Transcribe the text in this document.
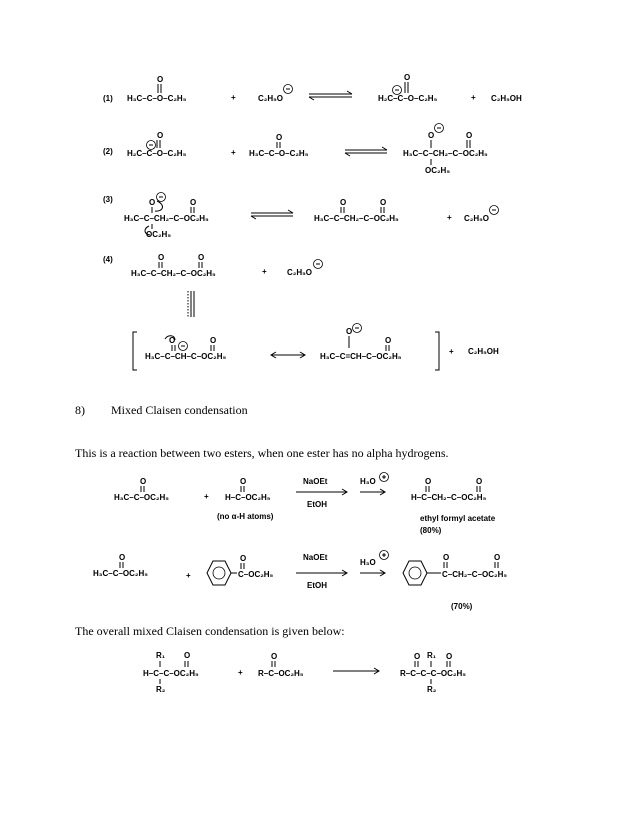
(1)
(2)
(3)
(4)
O
H₃C–C–O–C₂H₅	+	C₂H₅O
O
H₂C–C–O–C₂H₅	+ C₂H₅OH
O
H₂C–C–O–C₂H₅	+
O
H₃C–C–O–C₂H₅
O	O
H₃C–C–CH₂–C–OC₂H₅
OC₂H₅
O	O
H₃C–C–CH₂–C–OC₂H₅
OC₂H₅
O	O
H₃C–C–CH₂–C–OC₂H₅	+ C₂H₅O
O	O
H₃C–C–CH₂–C–OC₂H₅	+	C₂H₅O
O	O
H₃C–C–CH–C–OC₂H₅
O
O
H₃C–C=CH–C–OC₂H₅
+ C₂H₅OH
O
H₃C–C–OC₂H₅	+
O
H–C–OC₂H₅
(no α-H atoms)
NaOEt
EtOH
H₃O	O	O
H–C–CH₂–C–OC₂H₅
ethyl formyl acetate
(80%)
O
H₃C–C–OC₂H₅	+
O
C–OC₂H₅
NaOEt
EtOH
H₃O
O	O
C–CH₂–C–OC₂H₅
(70%)
R₁ O
H–C–C–OC₂H₅
R₂
+
O
R–C–OC₂H₅
O R₁ O
R–C–C–C–OC₂H₅
R₂
8) Mixed Claisen condensation
This is a reaction between two esters, when one ester has no alpha hydrogens.
The overall mixed Claisen condensation is given below:
